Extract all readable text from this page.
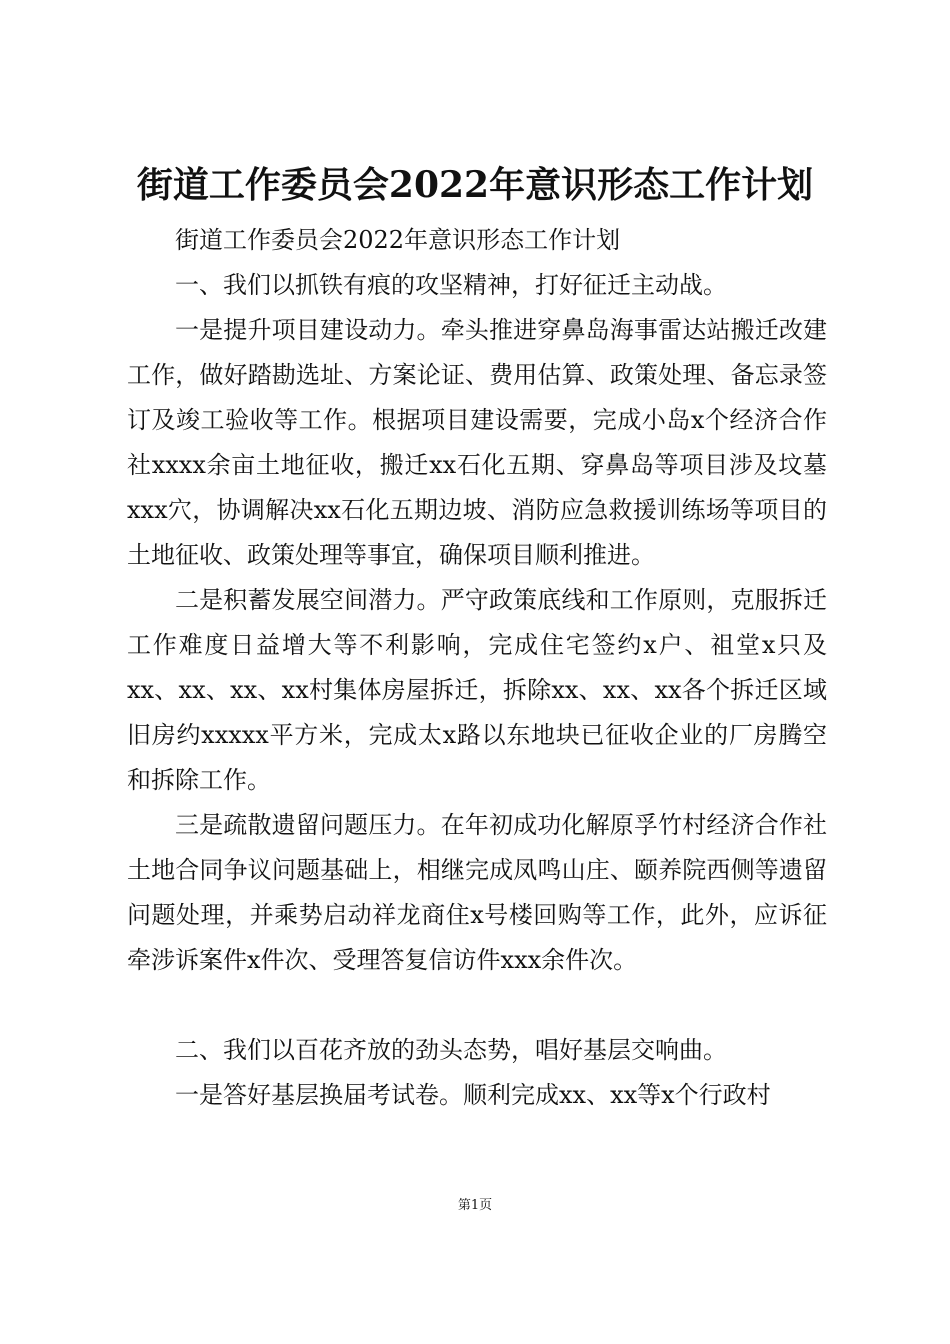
街道工作委员会2022年意识形态工作计划

街道工作委员会2022年意识形态工作计划

一、我们以抓铁有痕的攻坚精神，打好征迁主动战。

一是提升项目建设动力。牵头推进穿鼻岛海事雷达站搬迁改建工作，做好踏勘选址、方案论证、费用估算、政策处理、备忘录签订及竣工验收等工作。根据项目建设需要，完成小岛x个经济合作社xxxx余亩土地征收，搬迁xx石化五期、穿鼻岛等项目涉及坟墓xxx穴，协调解决xx石化五期边坡、消防应急救援训练场等项目的土地征收、政策处理等事宜，确保项目顺利推进。

二是积蓄发展空间潜力。严守政策底线和工作原则，克服拆迁工作难度日益增大等不利影响，完成住宅签约x户、祖堂x只及xx、xx、xx、xx村集体房屋拆迁，拆除xx、xx、xx各个拆迁区域旧房约xxxxx平方米，完成太x路以东地块已征收企业的厂房腾空和拆除工作。

三是疏散遗留问题压力。在年初成功化解原孚竹村经济合作社土地合同争议问题基础上，相继完成凤鸣山庄、颐养院西侧等遗留问题处理，并乘势启动祥龙商住x号楼回购等工作，此外，应诉征牵涉诉案件x件次、受理答复信访件xxx余件次。

二、我们以百花齐放的劲头态势，唱好基层交响曲。

一是答好基层换届考试卷。顺利完成xx、xx等x个行政村

第1页
